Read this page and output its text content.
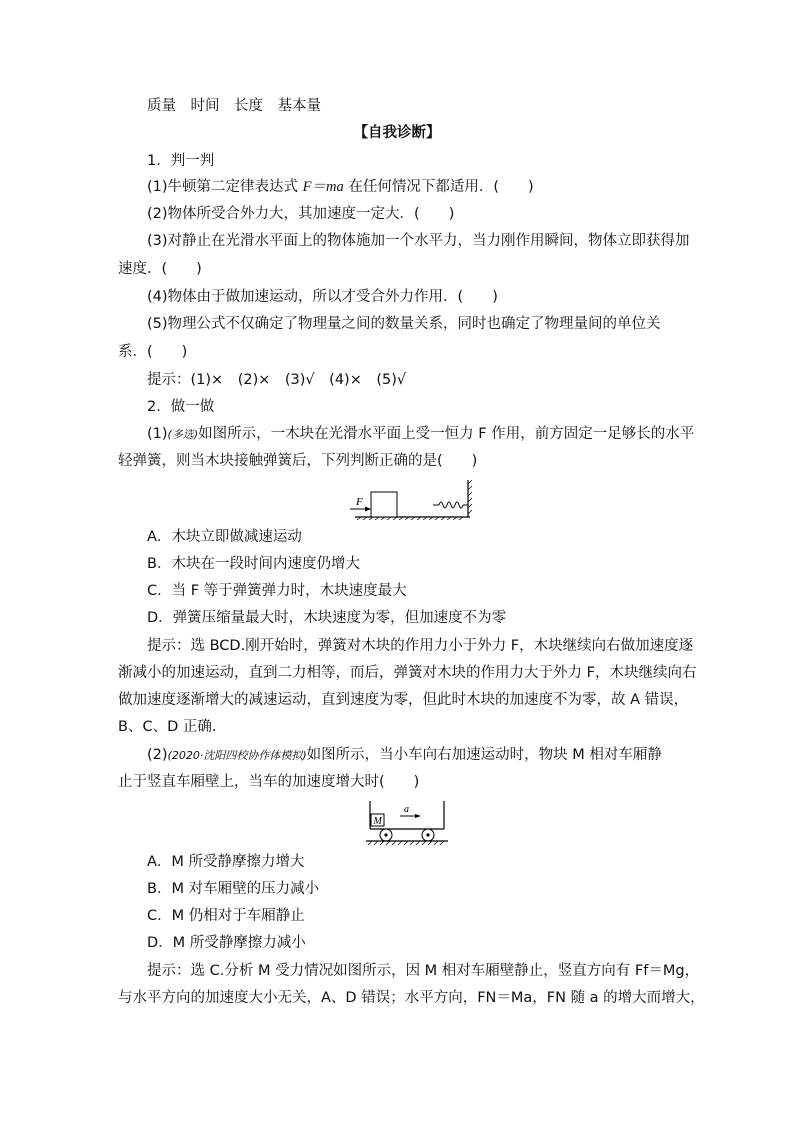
质量　时间　长度　基本量
【自我诊断】
1．判一判
(1)牛顿第二定律表达式 F＝ma 在任何情况下都适用．(　　)
(2)物体所受合外力大，其加速度一定大．(　　)
(3)对静止在光滑水平面上的物体施加一个水平力，当力刚作用瞬间，物体立即获得加
速度．(　　)
(4)物体由于做加速运动，所以才受合外力作用．(　　)
(5)物理公式不仅确定了物理量之间的数量关系，同时也确定了物理量间的单位关
系．(　　)
提示：(1)×　(2)×　(3)√　(4)×　(5)√
2．做一做
(1)(多选)如图所示，一木块在光滑水平面上受一恒力 F 作用，前方固定一足够长的水平
轻弹簧，则当木块接触弹簧后，下列判断正确的是(　　)
F
A．木块立即做减速运动
B．木块在一段时间内速度仍增大
C．当 F 等于弹簧弹力时，木块速度最大
D．弹簧压缩量最大时，木块速度为零，但加速度不为零
提示：选 BCD.刚开始时，弹簧对木块的作用力小于外力 F，木块继续向右做加速度逐
渐减小的加速运动，直到二力相等，而后，弹簧对木块的作用力大于外力 F，木块继续向右
做加速度逐渐增大的减速运动，直到速度为零，但此时木块的加速度不为零，故 A 错误，
B、C、D 正确．
(2)(2020·沈阳四校协作体模拟)如图所示，当小车向右加速运动时，物块 M 相对车厢静
止于竖直车厢壁上，当车的加速度增大时(　　)
M
a
A．M 所受静摩擦力增大
B．M 对车厢壁的压力减小
C．M 仍相对于车厢静止
D．M 所受静摩擦力减小
提示：选 C.分析 M 受力情况如图所示，因 M 相对车厢壁静止，竖直方向有 Ff＝Mg，
与水平方向的加速度大小无关，A、D 错误；水平方向，FN＝Ma，FN 随 a 的增大而增大，
